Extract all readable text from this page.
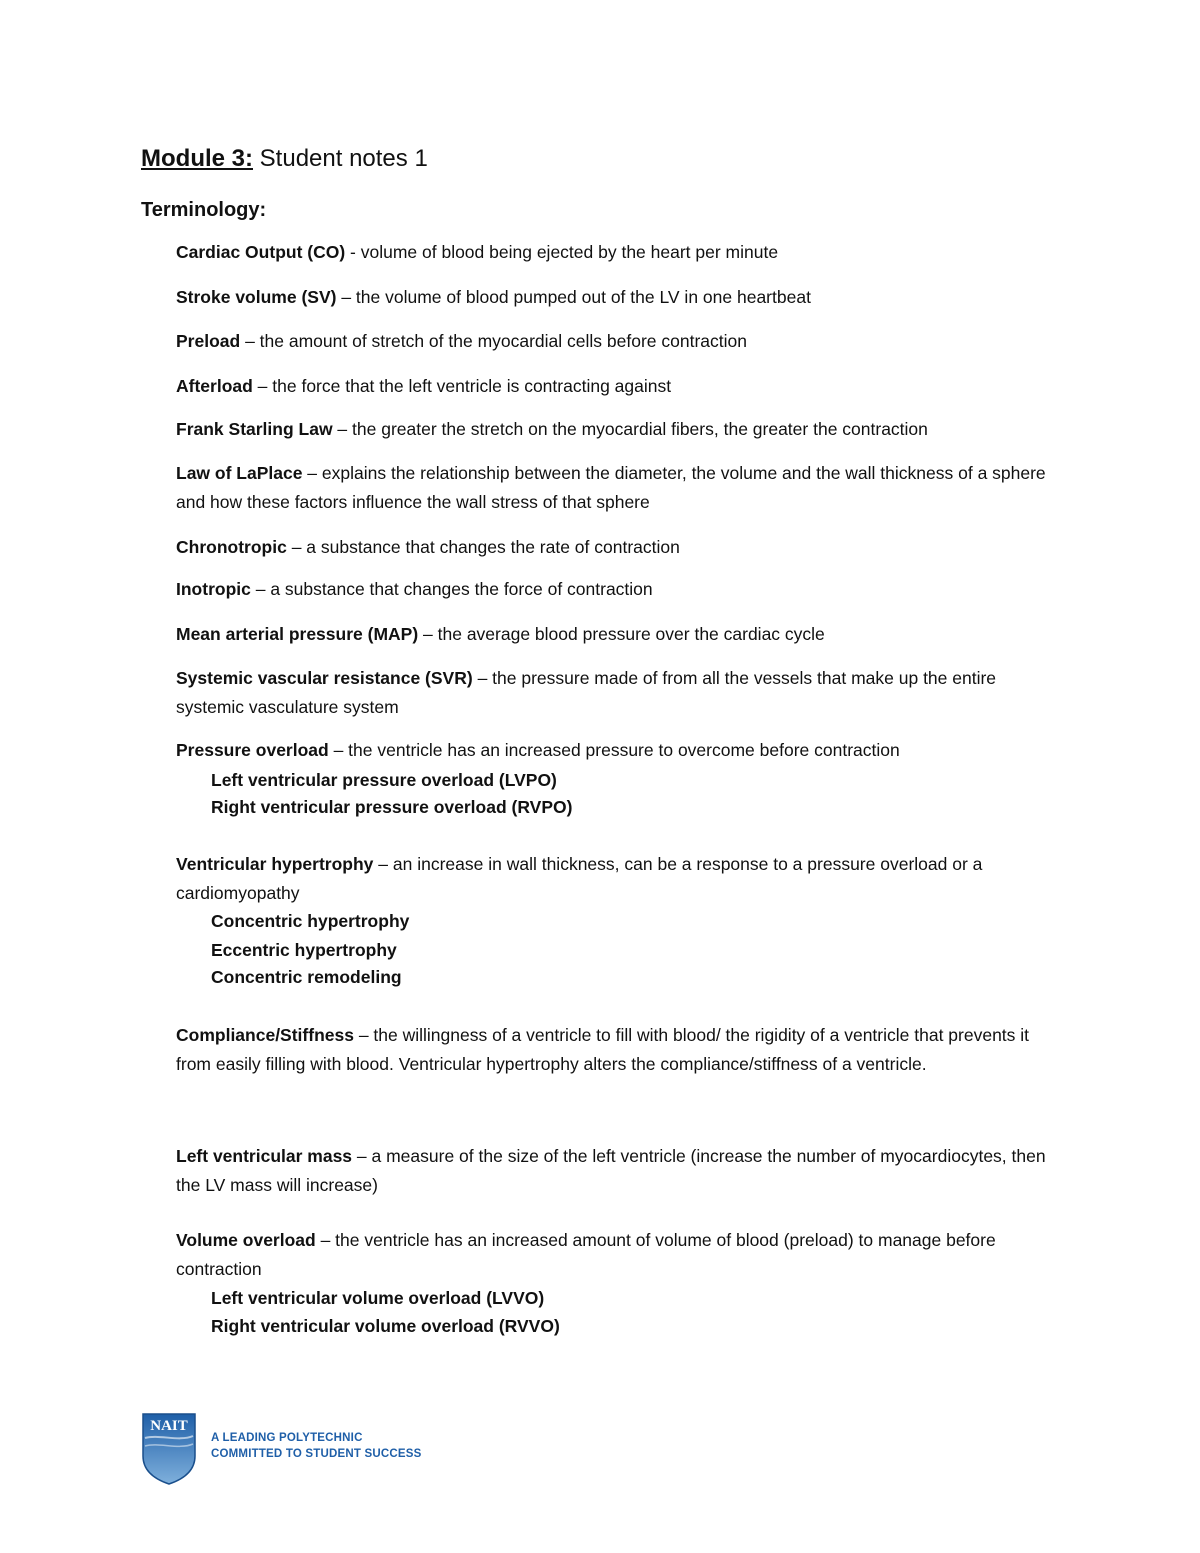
Module 3: Student notes 1
Terminology:
Cardiac Output (CO) - volume of blood being ejected by the heart per minute
Stroke volume (SV) – the volume of blood pumped out of the LV in one heartbeat
Preload – the amount of stretch of the myocardial cells before contraction
Afterload – the force that the left ventricle is contracting against
Frank Starling Law – the greater the stretch on the myocardial fibers, the greater the contraction
Law of LaPlace – explains the relationship between the diameter, the volume and the wall thickness of a sphere and how these factors influence the wall stress of that sphere
Chronotropic – a substance that changes the rate of contraction
Inotropic – a substance that changes the force of contraction
Mean arterial pressure (MAP) – the average blood pressure over the cardiac cycle
Systemic vascular resistance (SVR) – the pressure made of from all the vessels that make up the entire systemic vasculature system
Pressure overload – the ventricle has an increased pressure to overcome before contraction
Left ventricular pressure overload (LVPO)
Right ventricular pressure overload (RVPO)
Ventricular hypertrophy – an increase in wall thickness, can be a response to a pressure overload or a cardiomyopathy
Concentric hypertrophy
Eccentric hypertrophy
Concentric remodeling
Compliance/Stiffness – the willingness of a ventricle to fill with blood/ the rigidity of a ventricle that prevents it from easily filling with blood. Ventricular hypertrophy alters the compliance/stiffness of a ventricle.
Left ventricular mass – a measure of the size of the left ventricle (increase the number of myocardiocytes, then the LV mass will increase)
Volume overload – the ventricle has an increased amount of volume of blood (preload) to manage before contraction
Left ventricular volume overload (LVVO)
Right ventricular volume overload (RVVO)
NAIT
A LEADING POLYTECHNIC
COMMITTED TO STUDENT SUCCESS
